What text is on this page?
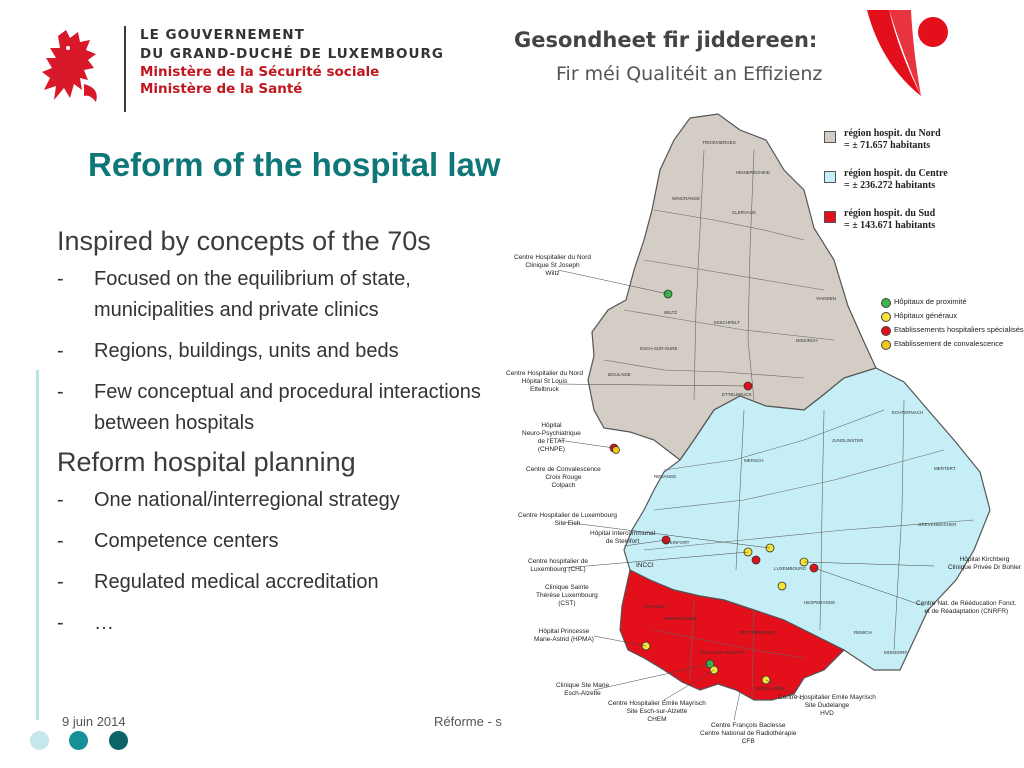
LE GOUVERNEMENT
DU GRAND-DUCHÉ DE LUXEMBOURG
Ministère de la Sécurité sociale
Ministère de la Santé
Gesondheet fir jiddereen:
Fir méi Qualitéit an Effizienz
Reform of the hospital law
Inspired by concepts of the 70s
- Focused on the equilibrium of state, municipalities and private clinics
- Regions, buildings, units and beds
- Few conceptual and procedural interactions between hospitals
Reform hospital planning
- One national/interregional strategy
- Competence centers
- Regulated medical accreditation
- …
région hospit. du Nord
= ± 71.657 habitants
région hospit. du Centre
= ± 236.272 habitants
région hospit. du Sud
= ± 143.671 habitants
Hôpitaux de proximité
Hôpitaux généraux
Etablissements hospitaliers spécialisés
Etablissement de convalescence
Centre Hospitalier du Nord
Clinique St Joseph
Wiltz
Centre Hospitalier du Nord
Hôpital St Louis
Ettelbruck
Hôpital
Neuro-Psychiatrique
de l'ETAT
(CHNPE)
Centre de Convalescence
Croix Rouge
Colpach
Centre Hospitalier de Luxembourg
Site Eich
Hôpital Intercommunal
de Steinfort
Centre hospitalier de
Luxembourg (CHL)
INCCI
Clinique Sainte
Thérèse Luxembourg
(CST)
Hôpital Kirchberg
Clinique Privée Dr Bohler
Centre Nat. de Rééducation Fonct.
et de Réadaptation (CNRFR)
Hôpital Princesse
Marie-Astrid (HPMA)
Clinique Ste Marie
Esch-Alzette
Centre Hospitalier Emile Mayrisch
Site Esch-sur-Alzette
CHEM
Centre Hospitalier Emile Mayrisch
Site Dudelange
HVD
Centre François Baclesse
Centre National de Radiothérapie
CFB
TROISVIERGES
HEINERSCHEID
CLERVAUX
WINCRANGE
WILTZ
KIISCHPELT
ESCH-SUR-SURE
BOULAIDE
DIEKIRCH
ETTELBRUCK
VIANDEN
MERSCH
REDANGE
ECHTERNACH
JUNGLINSTER
MERTERT
STEINFORT
LUXEMBOURG
GREVENMACHER
HESPERANGE
REMICH
MONDORF
ESCH-SUR-ALZETTE
DUDELANGE
BETTEMBOURG
DIFFERDANGE
PETANGE
9 juin 2014	Réforme - s
